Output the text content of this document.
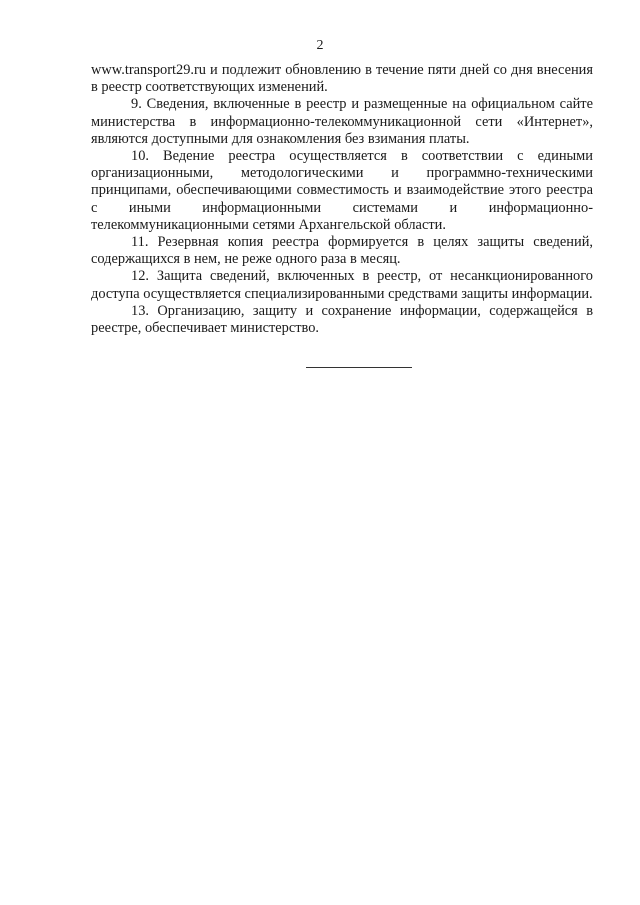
2

www.transport29.ru и подлежит обновлению в течение пяти дней со дня внесения в реестр соответствующих изменений.

9. Сведения, включенные в реестр и размещенные на официальном сайте министерства в информационно-телекоммуникационной сети «Интернет», являются доступными для ознакомления без взимания платы.

10. Ведение реестра осуществляется в соответствии с едиными организационными, методологическими и программно-техническими принципами, обеспечивающими совместимость и взаимодействие этого реестра с иными информационными системами и информационно-телекоммуникационными сетями Архангельской области.

11. Резервная копия реестра формируется в целях защиты сведений, содержащихся в нем, не реже одного раза в месяц.

12. Защита сведений, включенных в реестр, от несанкционированного доступа осуществляется специализированными средствами защиты информации.

13. Организацию, защиту и сохранение информации, содержащейся в реестре, обеспечивает министерство.
